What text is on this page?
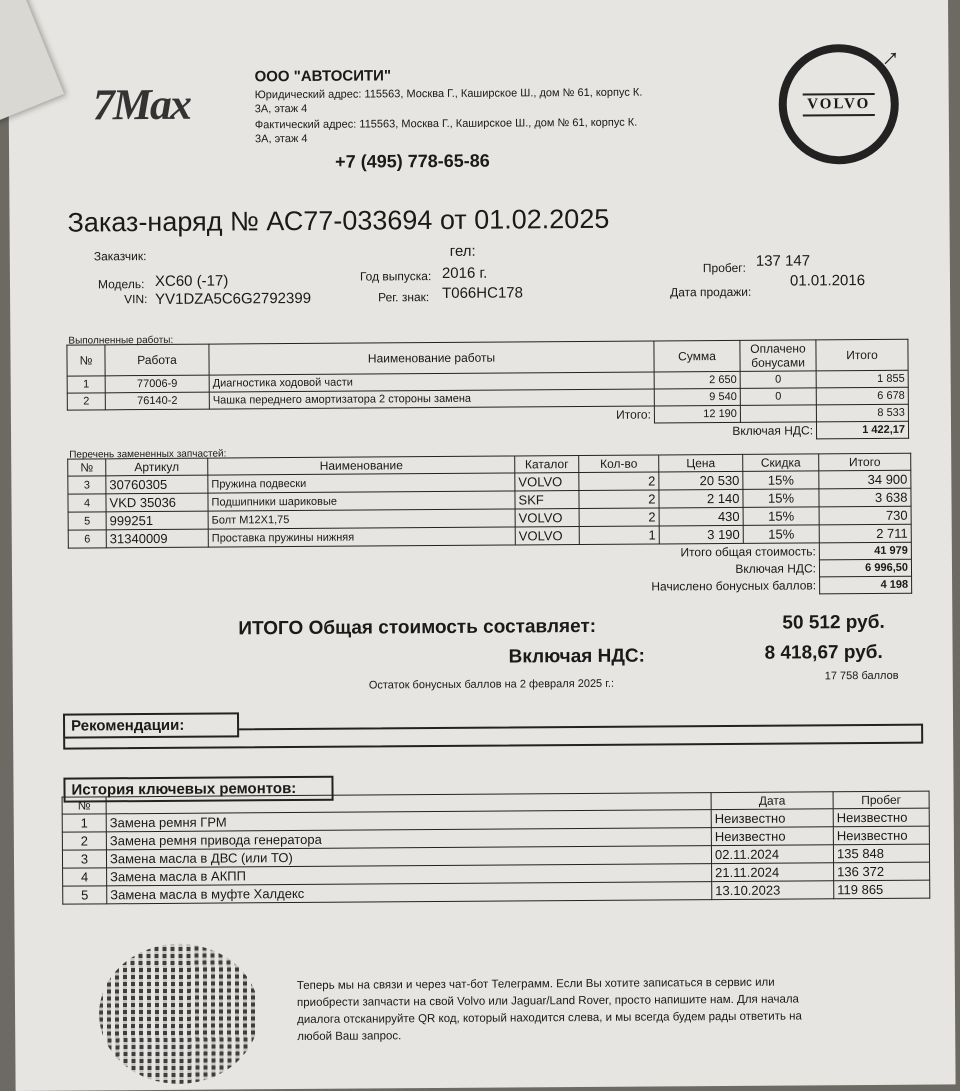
7Max
ООО "АВТОСИТИ"
Юридический адрес: 115563, Москва Г., Каширское Ш., дом № 61, корпус К. 3А, этаж 4
Фактический адрес: 115563, Москва Г., Каширское Ш., дом № 61, корпус К. 3А, этаж 4
+7 (495) 778-65-86
VOLVO
→
Заказ-наряд № АС77-033694 от 01.02.2025
Заказчик:	гел:
Модель: XC60 (-17)
VIN: YV1DZA5C6G2792399
Год выпуска: 2016 г.
Рег. знак: Т066НС178
Пробег: 137 147
Дата продажи:
01.01.2016
Выполненные работы:
№	Работа	Наименование работы	Сумма	Оплачено бонусами	Итого
1	77006-9	Диагностика ходовой части	2 650	0	1 855
2	76140-2	Чашка переднего амортизатора 2 стороны замена	9 540	0	6 678
		Итого:	12 190		8 533
			Включая НДС:		1 422,17
Перечень замененных запчастей:
№	Артикул	Наименование	Каталог	Кол-во	Цена	Скидка	Итого
3	30760305	Пружина подвески	VOLVO	2	20 530	15%	34 900
4	VKD 35036	Подшипники шариковые	SKF	2	2 140	15%	3 638
5	999251	Болт M12X1,75	VOLVO	2	430	15%	730
6	31340009	Проставка пружины нижняя	VOLVO	1	3 190	15%	2 711
Итого общая стоимость:							41 979
Включая НДС:							6 996,50
Начислено бонусных баллов:							4 198
ИТОГО Общая стоимость составляет:	50 512 руб.
Включая НДС:	8 418,67 руб.
Остаток бонусных баллов на 2 февраля 2025 г.:
17 758 баллов
Рекомендации:
История ключевых ремонтов:
№		Дата	Пробег
1	Замена ремня ГРМ	Неизвестно	Неизвестно
2	Замена ремня привода генератора	Неизвестно	Неизвестно
3	Замена масла в ДВС (или ТО)	02.11.2024	135 848
4	Замена масла в АКПП	21.11.2024	136 372
5	Замена масла в муфте Халдекс	13.10.2023	119 865
Теперь мы на связи и через чат-бот Телеграмм. Если Вы хотите записаться в сервис или приобрести запчасти на свой Volvo или Jaguar/Land Rover, просто напишите нам. Для начала диалога отсканируйте QR код, который находится слева, и мы всегда будем рады ответить на любой Ваш запрос.
